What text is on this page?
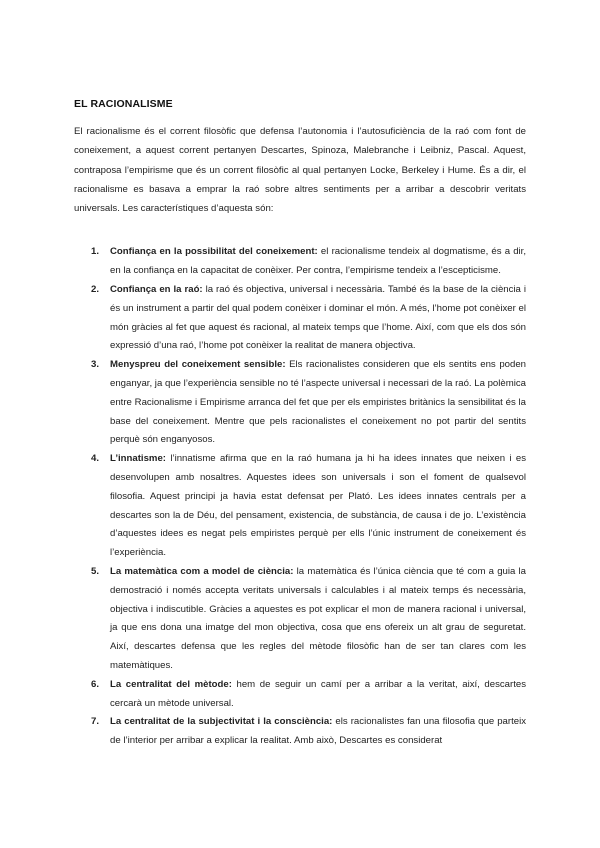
EL RACIONALISME

El racionalisme és el corrent filosòfic que defensa l’autonomia i l’autosuficiència de la raó com font de coneixement, a aquest corrent pertanyen Descartes, Spinoza, Malebranche i Leibniz, Pascal. Aquest, contraposa l’empirisme que és un corrent filosòfic al qual pertanyen Locke, Berkeley i Hume. És a dir, el racionalisme es basava a emprar la raó sobre altres sentiments per a arribar a descobrir veritats universals. Les característiques d’aquesta són:

1. Confiança en la possibilitat del coneixement: el racionalisme tendeix al dogmatisme, és a dir, en la confiança en la capacitat de conèixer. Per contra, l’empirisme tendeix a l’escepticisme.
2. Confiança en la raó: la raó és objectiva, universal i necessària. També és la base de la ciència i és un instrument a partir del qual podem conèixer i dominar el món. A més, l’home pot conèixer el món gràcies al fet que aquest és racional, al mateix temps que l’home. Així, com que els dos són expressió d’una raó, l’home pot conèixer la realitat de manera objectiva.
3. Menyspreu del coneixement sensible: Els racionalistes consideren que els sentits ens poden enganyar, ja que l’experiència sensible no té l’aspecte universal i necessari de la raó. La polèmica entre Racionalisme i Empirisme arranca del fet que per els empiristes britànics la sensibilitat és la base del coneixement. Mentre que pels racionalistes el coneixement no pot partir del sentits perquè són enganyosos.
4. L’innatisme: l’innatisme afirma que en la raó humana ja hi ha idees innates que neixen i es desenvolupen amb nosaltres. Aquestes idees son universals i son el foment de qualsevol filosofia. Aquest principi ja havia estat defensat per Plató. Les idees innates centrals per a descartes son la de Déu, del pensament, existencia, de substància, de causa i de jo. L’existència d’aquestes idees es negat pels empiristes perquè per ells l’únic instrument de coneixement és l’experiència.
5. La matemàtica com a model de ciència: la matemàtica és l’única ciència que té com a guia la demostració i només accepta veritats universals i calculables i al mateix temps és necessària, objectiva i indiscutible. Gràcies a aquestes es pot explicar el mon de manera racional i universal, ja que ens dona una imatge del mon objectiva, cosa que ens ofereix un alt grau de seguretat. Així, descartes defensa que les regles del mètode filosòfic han de ser tan clares com les matemàtiques.
6. La centralitat del mètode: hem de seguir un camí per a arribar a la veritat, així, descartes cercarà un mètode universal.
7. La centralitat de la subjectivitat i la consciència: els racionalistes fan una filosofia que parteix de l’interior per arribar a explicar la realitat. Amb això, Descartes es considerat
